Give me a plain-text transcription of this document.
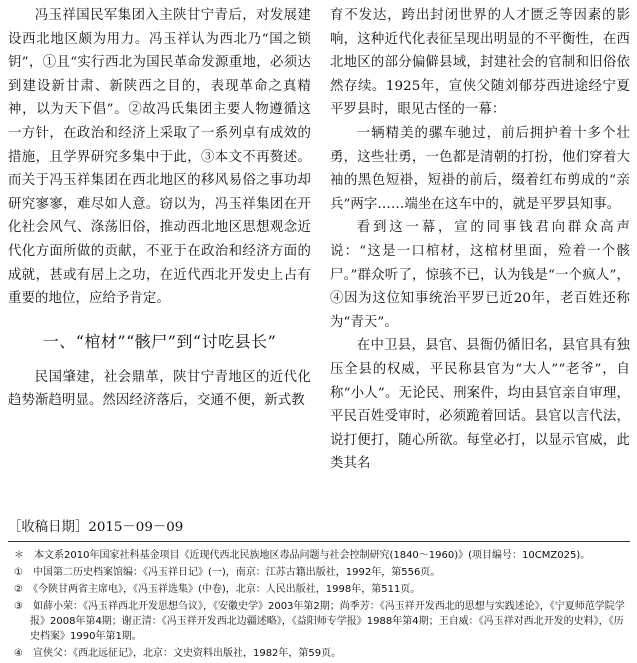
冯玉祥国民军集团入主陕甘宁青后，对发展建设西北地区颇为用力。冯玉祥认为西北乃“国之锁钥”，①且“实行西北为国民革命发源重地，必须达到建设新甘肃、新陕西之目的，表现革命之真精神，以为天下倡”。②故冯氏集团主要人物遵循这一方针，在政治和经济上采取了一系列卓有成效的措施，且学界研究多集中于此，③本文不再赘述。而关于冯玉祥集团在西北地区的移风易俗之事功却研究寥寥，难尽如人意。窃以为，冯玉祥集团在开化社会风气、涤荡旧俗，推动西北地区思想观念近代化方面所做的贡献，不亚于在政治和经济方面的成就，甚或有居上之功，在近代西北开发史上占有重要的地位，应给予肯定。

一、“棺材”“骸尸”到“讨吃县长”

民国肇建，社会鼎革，陕甘宁青地区的近代化趋势渐趋明显。然因经济落后，交通不便，新式教

［收稿日期］2015－09－09

育不发达，跨出封闭世界的人才匮乏等因素的影响，这种近代化表征呈现出明显的不平衡性，在西北地区的部分偏僻县域，封建社会的官制和旧俗依然存续。1925年，宣侠父随刘郁芬西进途经宁夏平罗县时，眼见古怪的一幕：

一辆精美的骡车驰过，前后拥护着十多个壮勇，这些壮勇，一色都是清朝的打扮，他们穿着大袖的黑色短褂，短褂的前后，缀着红布剪成的“亲兵”两字……端坐在这车中的，就是平罗县知事。

看到这一幕，宣的同事钱君向群众高声说：“这是一口棺材，这棺材里面，殓着一个骸尸。”群众听了，惊骇不已，认为钱是“一个疯人”，④因为这位知事统治平罗已近20年，老百姓还称为“青天”。

在中卫县，县官、县衙仍循旧名，县官具有独压全县的权威，平民称县官为“大人”“老爷”，自称“小人”。无论民、刑案件，均由县官亲自审理，平民百姓受审时，必须跪着回话。县官以言代法，说打便打，随心所欲。每堂必打，以显示官威，此类其名

＊　本文系2010年国家社科基金项目《近现代西北民族地区毒品问题与社会控制研究(1840～1960)》(项目编号：10CMZ025)。

①　中国第二历史档案馆编：《冯玉祥日记》(一)，南京：江苏古籍出版社，1992年，第556页。

②　《今陕甘两省主席电》，《冯玉祥选集》(中卷)，北京：人民出版社，1998年，第511页。

③　如薛小荣：《冯玉祥西北开发思想刍议》，《安徽史学》2003年第2期；尚季芳：《冯玉祥开发西北的思想与实践述论》，《宁夏师范学院学报》2008年第4期；谢正清：《冯玉祥开发西北边疆述略》，《益阳师专学报》1988年第4期；王自威：《冯玉祥对西北开发的史料》，《历史档案》1990年第1期。

④　宣侠父：《西北远征记》，北京：文史资料出版社，1982年，第59页。
